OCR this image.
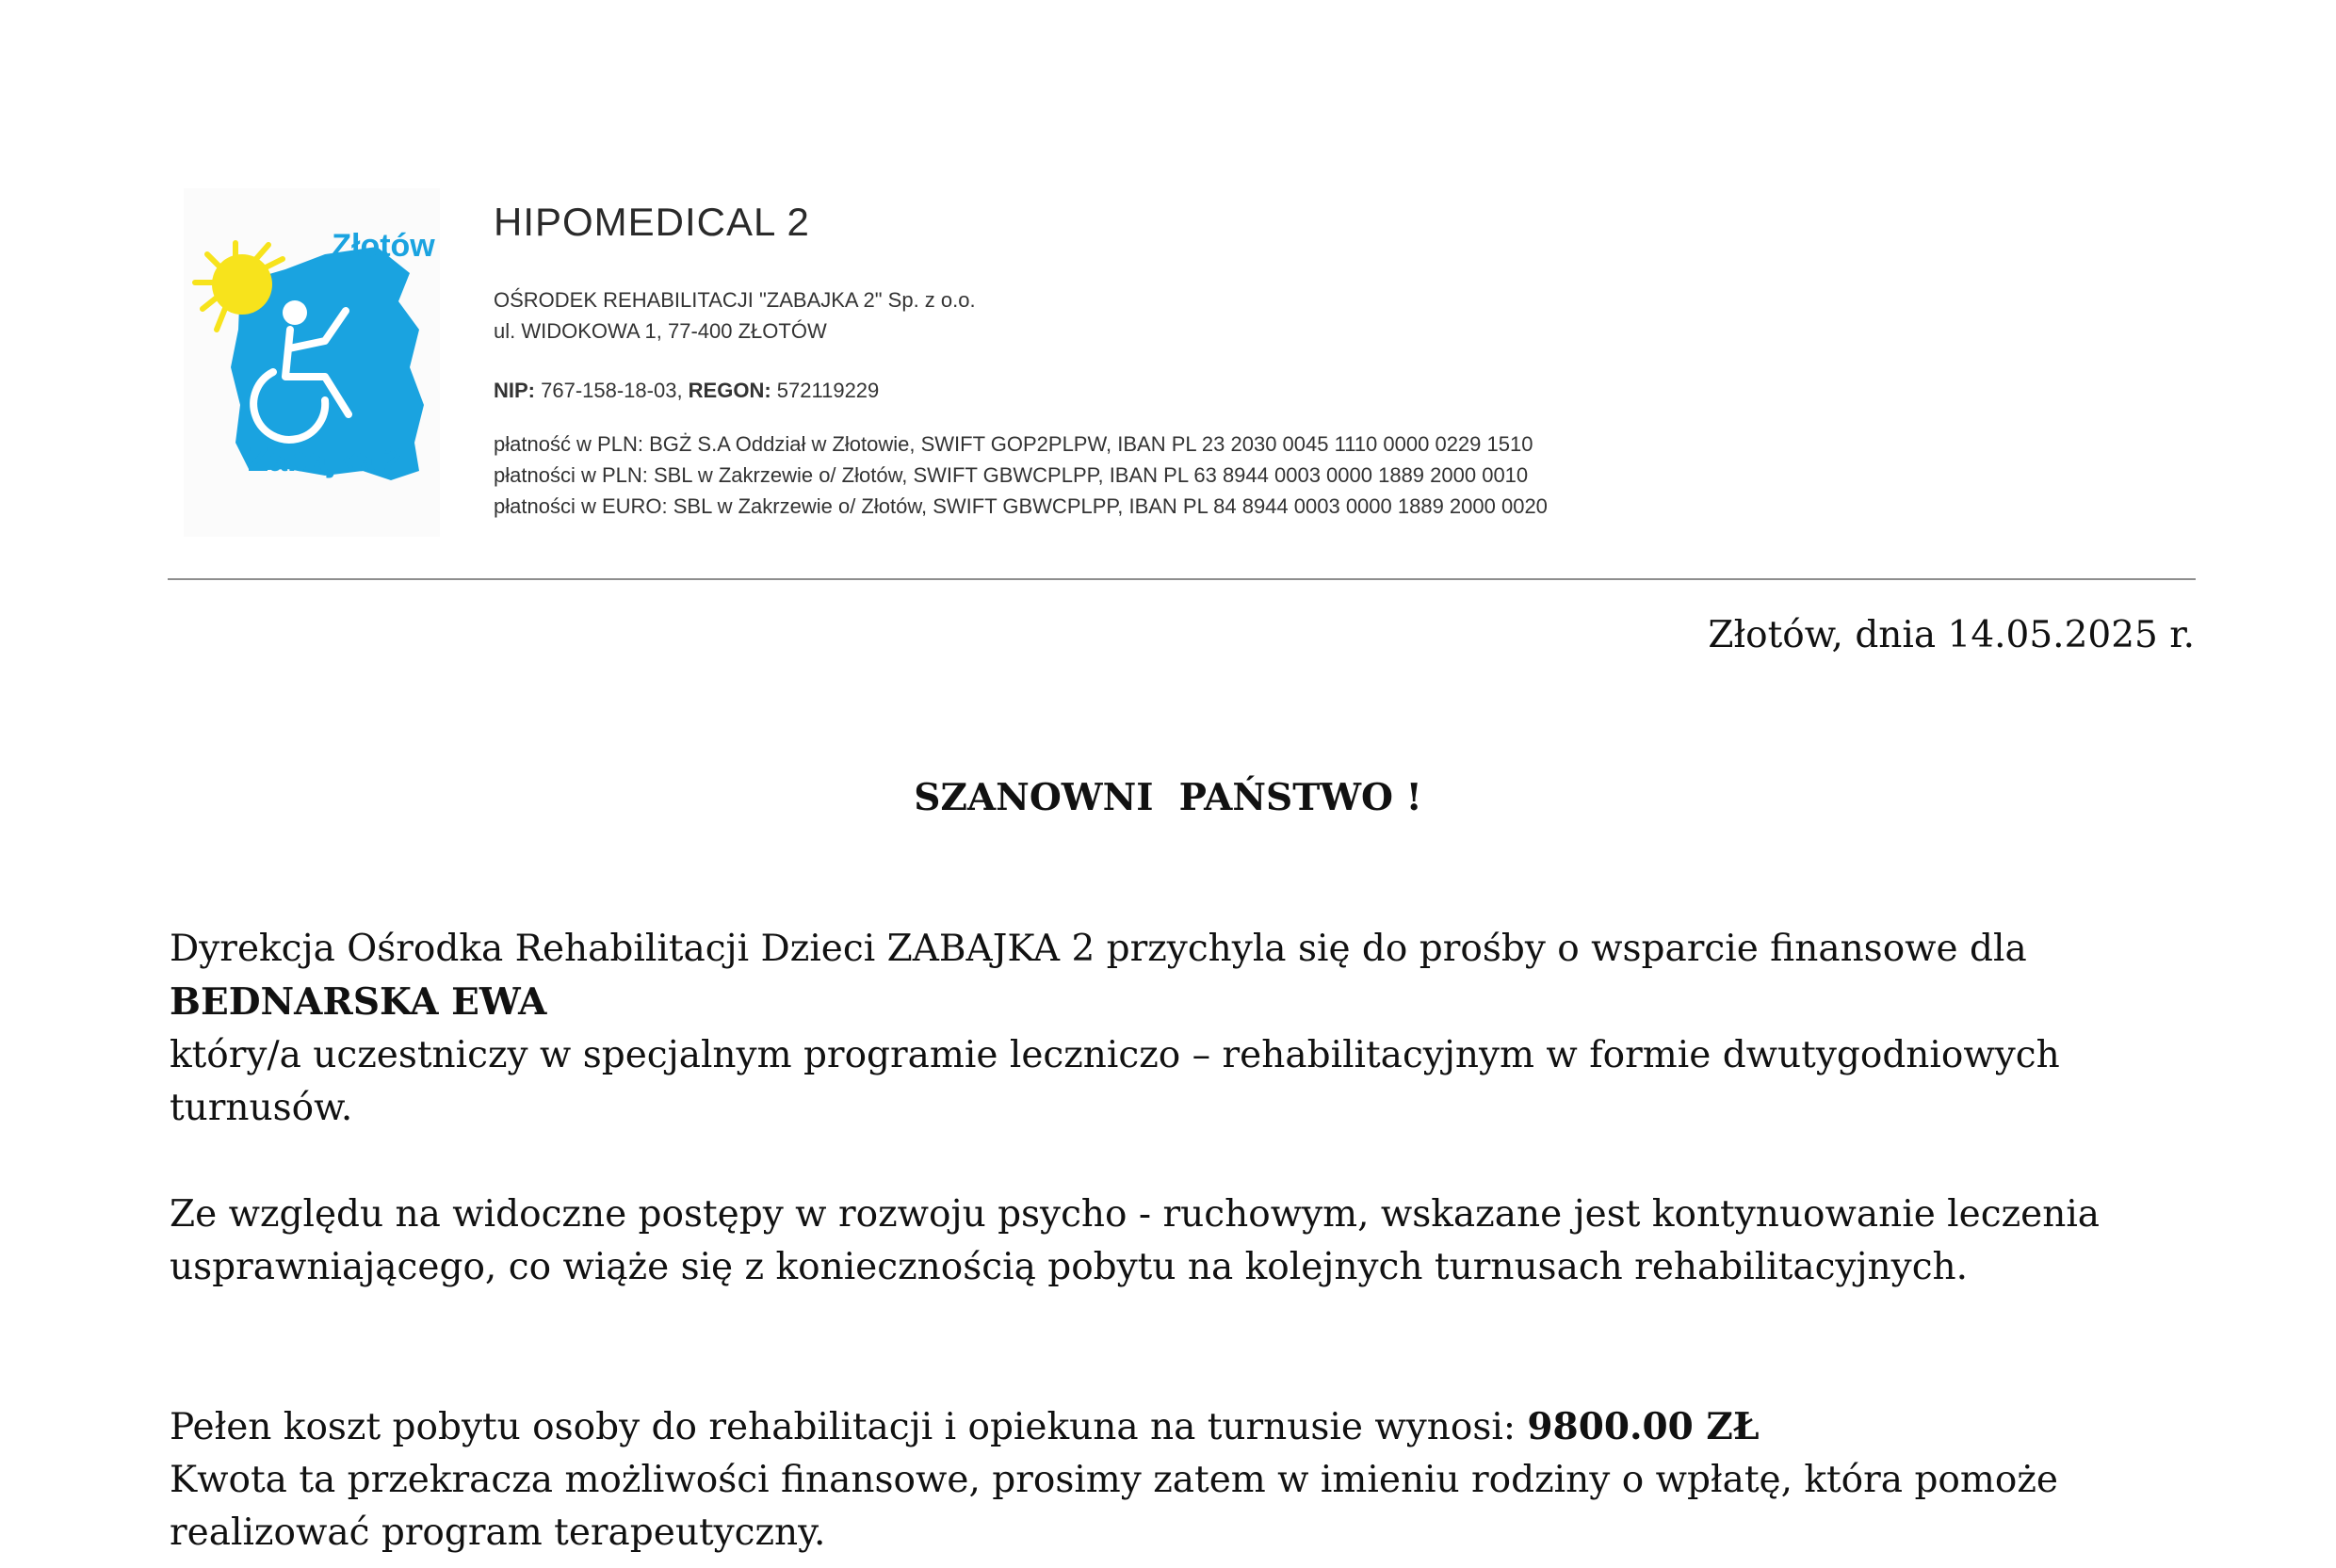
Złotów
Zabajka 2
HIPOMEDICAL 2
OŚRODEK REHABILITACJI "ZABAJKA 2" Sp. z o.o.
ul. WIDOKOWA 1, 77-400 ZŁOTÓW
NIP: 767-158-18-03, REGON: 572119229
płatność w PLN: BGŻ S.A Oddział w Złotowie, SWIFT GOP2PLPW, IBAN PL 23 2030 0045 1110 0000 0229 1510
płatności w PLN: SBL w Zakrzewie o/ Złotów, SWIFT GBWCPLPP, IBAN PL 63 8944 0003 0000 1889 2000 0010
płatności w EURO: SBL w Zakrzewie o/ Złotów, SWIFT GBWCPLPP, IBAN PL 84 8944 0003 0000 1889 2000 0020
Złotów, dnia 14.05.2025 r.
SZANOWNI  PAŃSTWO !
Dyrekcja Ośrodka Rehabilitacji Dzieci ZABAJKA 2 przychyla się do prośby o wsparcie finansowe dla
BEDNARSKA EWA
który/a uczestniczy w specjalnym programie leczniczo – rehabilitacyjnym w formie dwutygodniowych
turnusów.
Ze względu na widoczne postępy w rozwoju psycho - ruchowym, wskazane jest kontynuowanie leczenia
usprawniającego, co wiąże się z koniecznością pobytu na kolejnych turnusach rehabilitacyjnych.
Pełen koszt pobytu osoby do rehabilitacji i opiekuna na turnusie wynosi: 9800.00 ZŁ
Kwota ta przekracza możliwości finansowe, prosimy zatem w imieniu rodziny o wpłatę, która pomoże
realizować program terapeutyczny.
